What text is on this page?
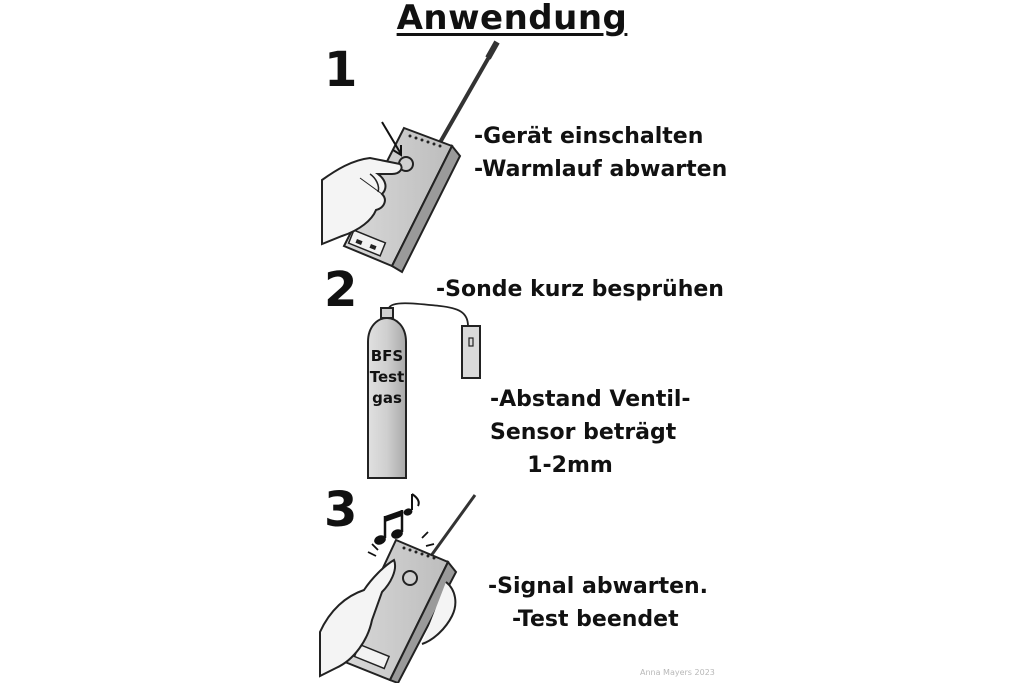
Anwendung
1
-Gerät einschalten
-Warmlauf abwarten
2	-Sonde kurz besprühen
-Abstand Ventil-
Sensor beträgt
1-2mm
BFS
Test
gas
3
-Signal abwarten.
-Test beendet
Anna Mayers 2023
